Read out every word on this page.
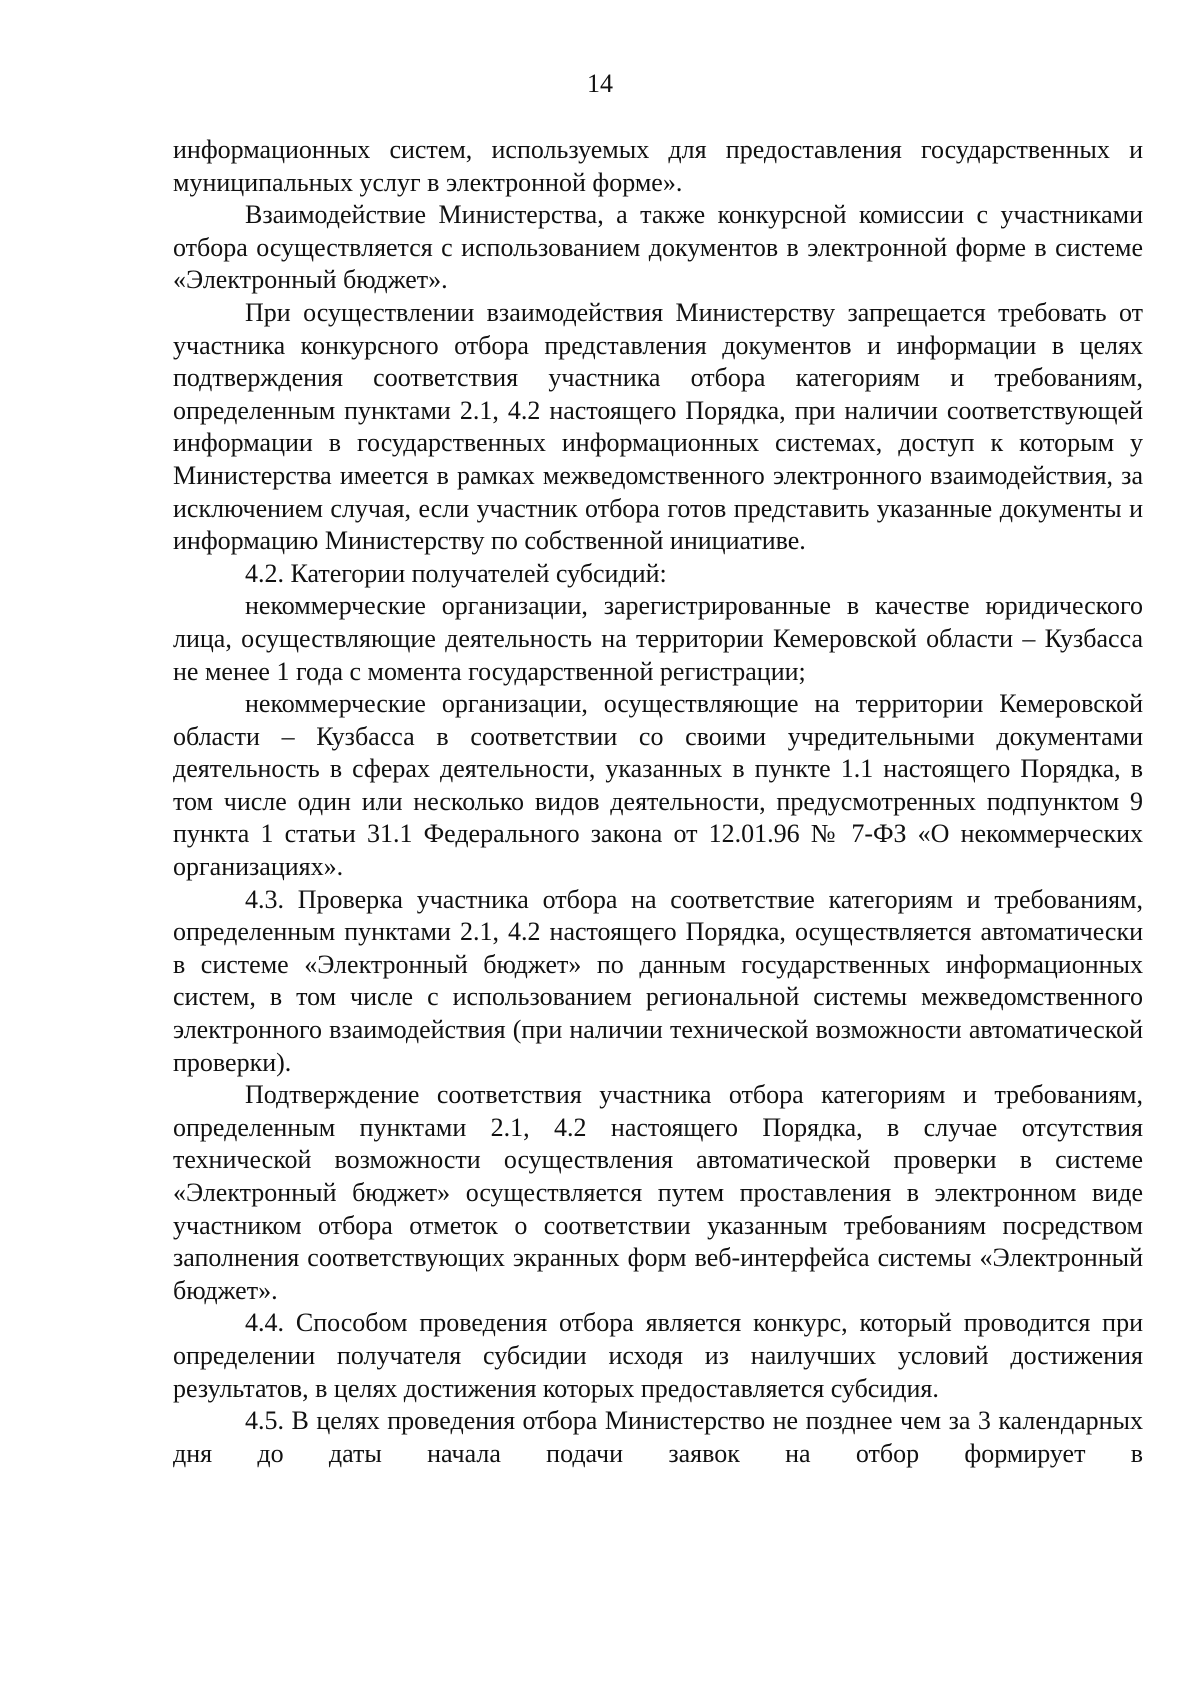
14

информационных систем, используемых для предоставления государственных и муниципальных услуг в электронной форме».

Взаимодействие Министерства, а также конкурсной комиссии с участниками отбора осуществляется с использованием документов в электронной форме в системе «Электронный бюджет».

При осуществлении взаимодействия Министерству запрещается требовать от участника конкурсного отбора представления документов и информации в целях подтверждения соответствия участника отбора категориям и требованиям, определенным пунктами 2.1, 4.2 настоящего Порядка, при наличии соответствующей информации в государственных информационных системах, доступ к которым у Министерства имеется в рамках межведомственного электронного взаимодействия, за исключением случая, если участник отбора готов представить указанные документы и информацию Министерству по собственной инициативе.

4.2. Категории получателей субсидий:

некоммерческие организации, зарегистрированные в качестве юридического лица, осуществляющие деятельность на территории Кемеровской области – Кузбасса не менее 1 года с момента государственной регистрации;

некоммерческие организации, осуществляющие на территории Кемеровской области – Кузбасса в соответствии со своими учредительными документами деятельность в сферах деятельности, указанных в пункте 1.1 настоящего Порядка, в том числе один или несколько видов деятельности, предусмотренных подпунктом 9 пункта 1 статьи 31.1 Федерального закона от 12.01.96 № 7-ФЗ «О некоммерческих организациях».

4.3. Проверка участника отбора на соответствие категориям и требованиям, определенным пунктами 2.1, 4.2 настоящего Порядка, осуществляется автоматически в системе «Электронный бюджет» по данным государственных информационных систем, в том числе с использованием региональной системы межведомственного электронного взаимодействия (при наличии технической возможности автоматической проверки).

Подтверждение соответствия участника отбора категориям и требованиям, определенным пунктами 2.1, 4.2 настоящего Порядка, в случае отсутствия технической возможности осуществления автоматической проверки в системе «Электронный бюджет» осуществляется путем проставления в электронном виде участником отбора отметок о соответствии указанным требованиям посредством заполнения соответствующих экранных форм веб-интерфейса системы «Электронный бюджет».

4.4. Способом проведения отбора является конкурс, который проводится при определении получателя субсидии исходя из наилучших условий достижения результатов, в целях достижения которых предоставляется субсидия.

4.5. В целях проведения отбора Министерство не позднее чем за 3 календарных дня до даты начала подачи заявок на отбор формирует в
